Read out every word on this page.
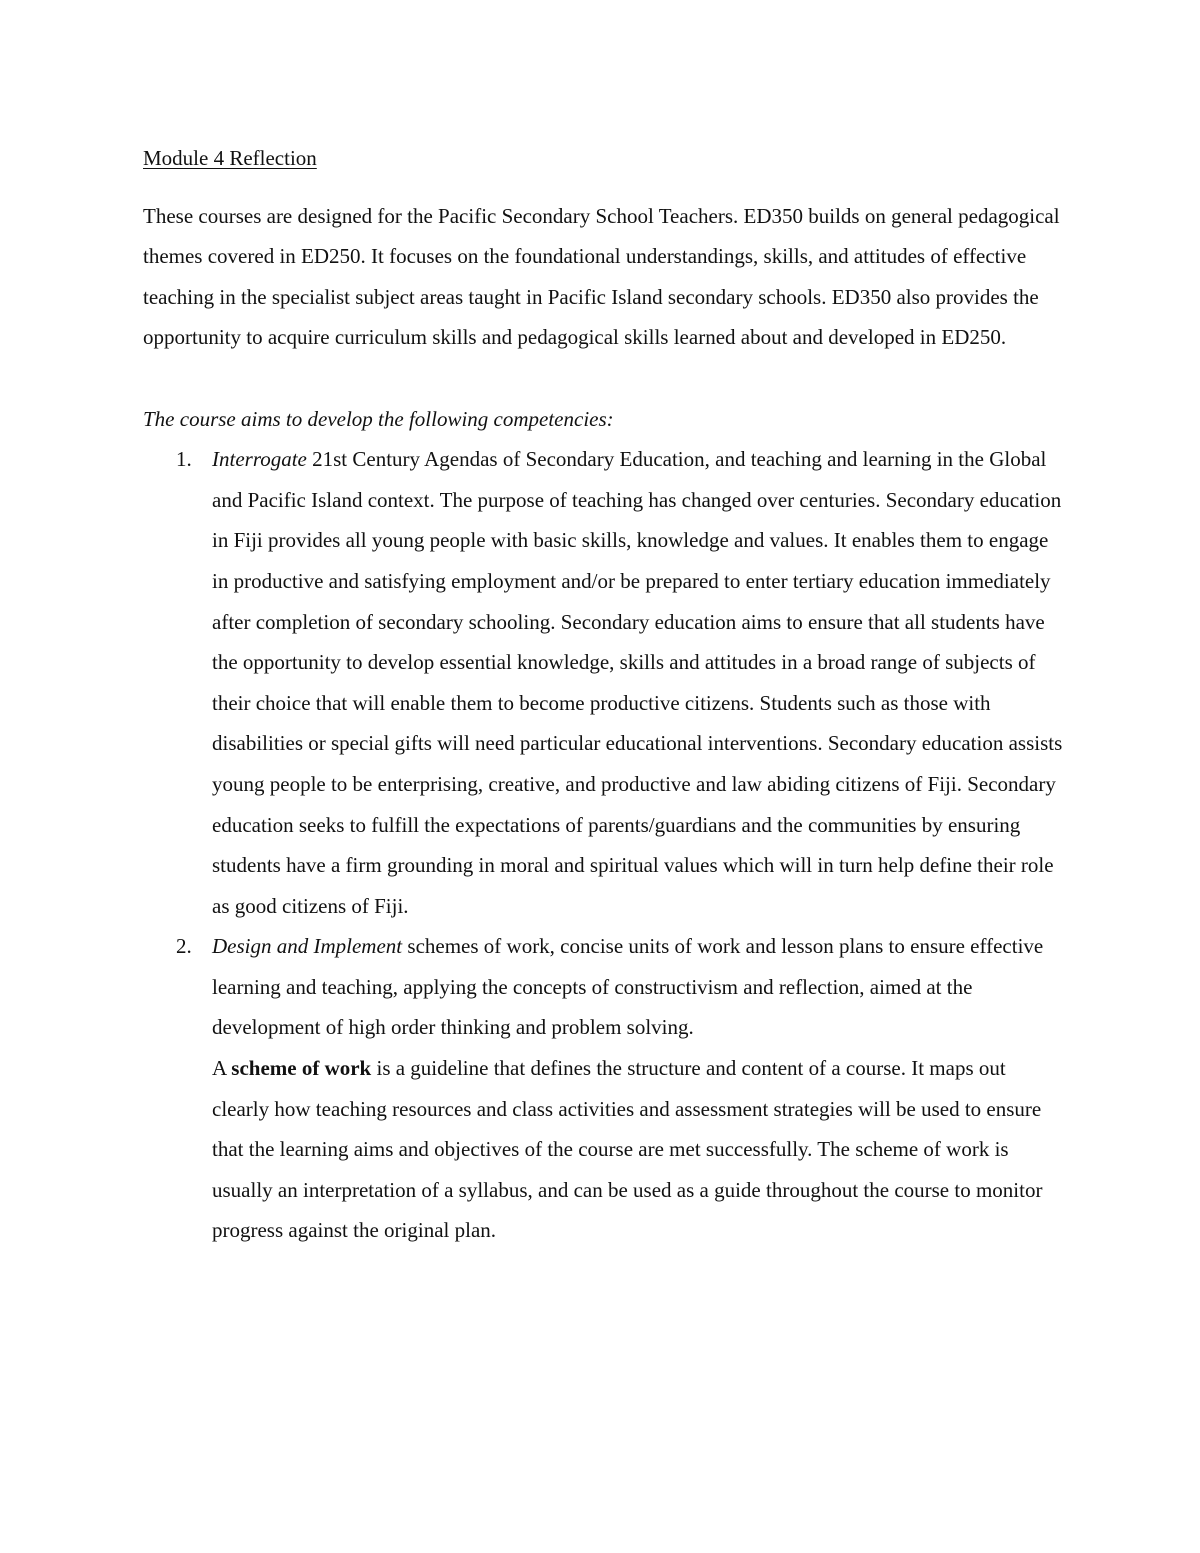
Module 4 Reflection

These courses are designed for the Pacific Secondary School Teachers. ED350 builds on general pedagogical themes covered in ED250. It focuses on the foundational understandings, skills, and attitudes of effective teaching in the specialist subject areas taught in Pacific Island secondary schools. ED350 also provides the opportunity to acquire curriculum skills and pedagogical skills learned about and developed in ED250.

The course aims to develop the following competencies:

1. Interrogate 21st Century Agendas of Secondary Education, and teaching and learning in the Global and Pacific Island context. The purpose of teaching has changed over centuries. Secondary education in Fiji provides all young people with basic skills, knowledge and values. It enables them to engage in productive and satisfying employment and/or be prepared to enter tertiary education immediately after completion of secondary schooling. Secondary education aims to ensure that all students have the opportunity to develop essential knowledge, skills and attitudes in a broad range of subjects of their choice that will enable them to become productive citizens. Students such as those with disabilities or special gifts will need particular educational interventions. Secondary education assists young people to be enterprising, creative, and productive and law abiding citizens of Fiji. Secondary education seeks to fulfill the expectations of parents/guardians and the communities by ensuring students have a firm grounding in moral and spiritual values which will in turn help define their role as good citizens of Fiji.
2. Design and Implement schemes of work, concise units of work and lesson plans to ensure effective learning and teaching, applying the concepts of constructivism and reflection, aimed at the development of high order thinking and problem solving.
A scheme of work is a guideline that defines the structure and content of a course. It maps out clearly how teaching resources and class activities and assessment strategies will be used to ensure that the learning aims and objectives of the course are met successfully. The scheme of work is usually an interpretation of a syllabus, and can be used as a guide throughout the course to monitor progress against the original plan.
